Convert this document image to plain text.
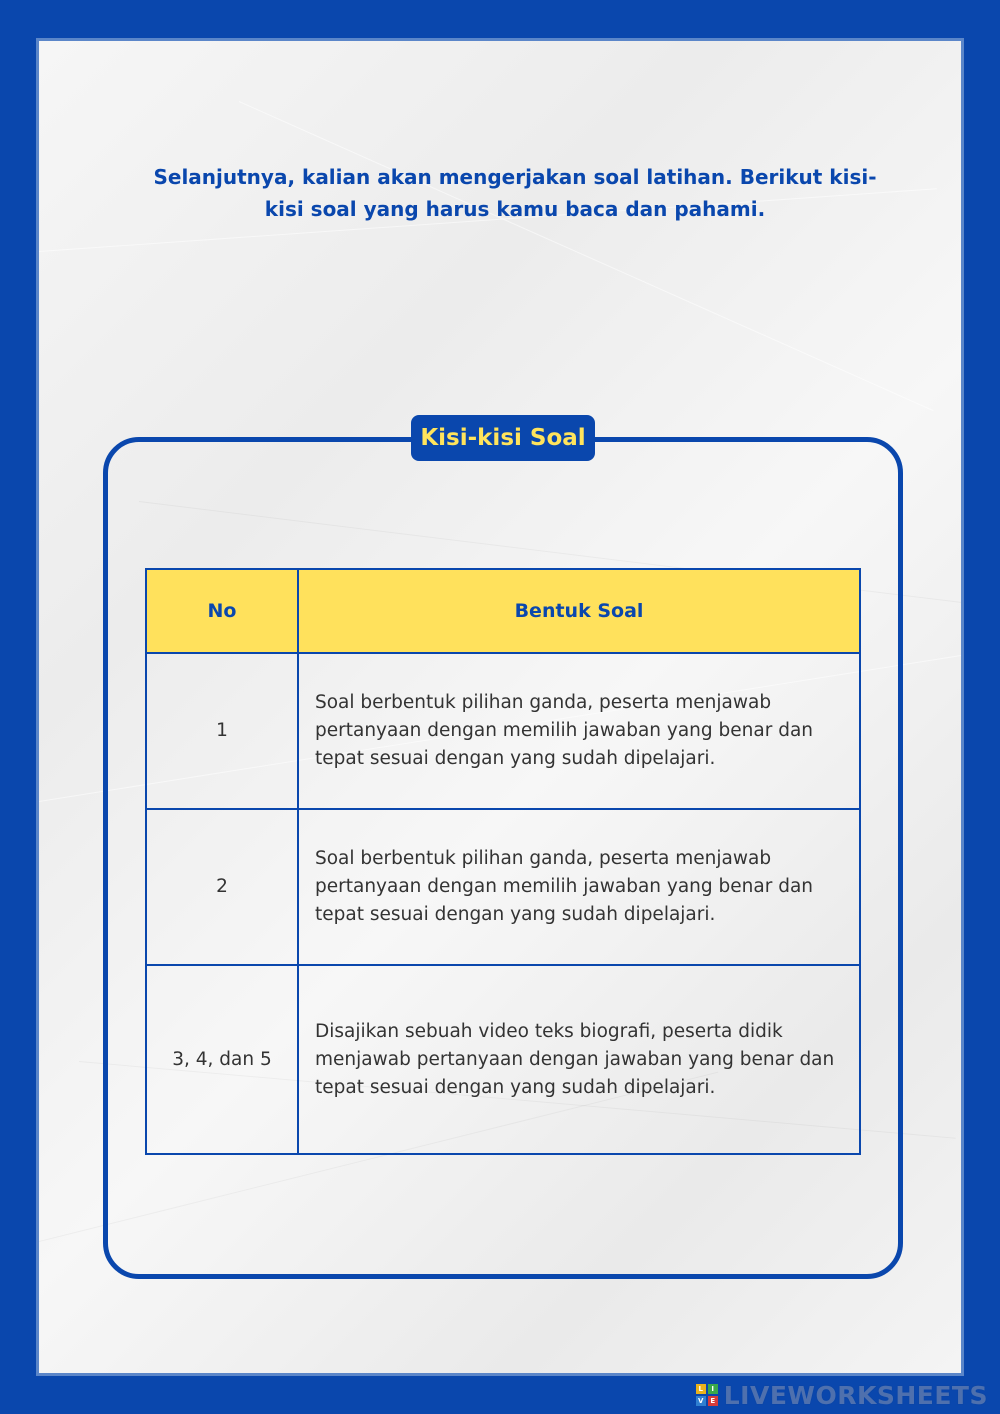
Selanjutnya, kalian akan mengerjakan soal latihan. Berikut kisi-kisi soal yang harus kamu baca dan pahami.

Kisi-kisi Soal
No	Bentuk Soal
1	Soal berbentuk pilihan ganda, peserta menjawab pertanyaan dengan memilih jawaban yang benar dan tepat sesuai dengan yang sudah dipelajari.
2	Soal berbentuk pilihan ganda, peserta menjawab pertanyaan dengan memilih jawaban yang benar dan tepat sesuai dengan yang sudah dipelajari.
3, 4, dan 5	Disajikan sebuah video teks biografi, peserta didik menjawab pertanyaan dengan jawaban yang benar dan tepat sesuai dengan yang sudah dipelajari.
L	I
V E LIVEWORKSHEETS
